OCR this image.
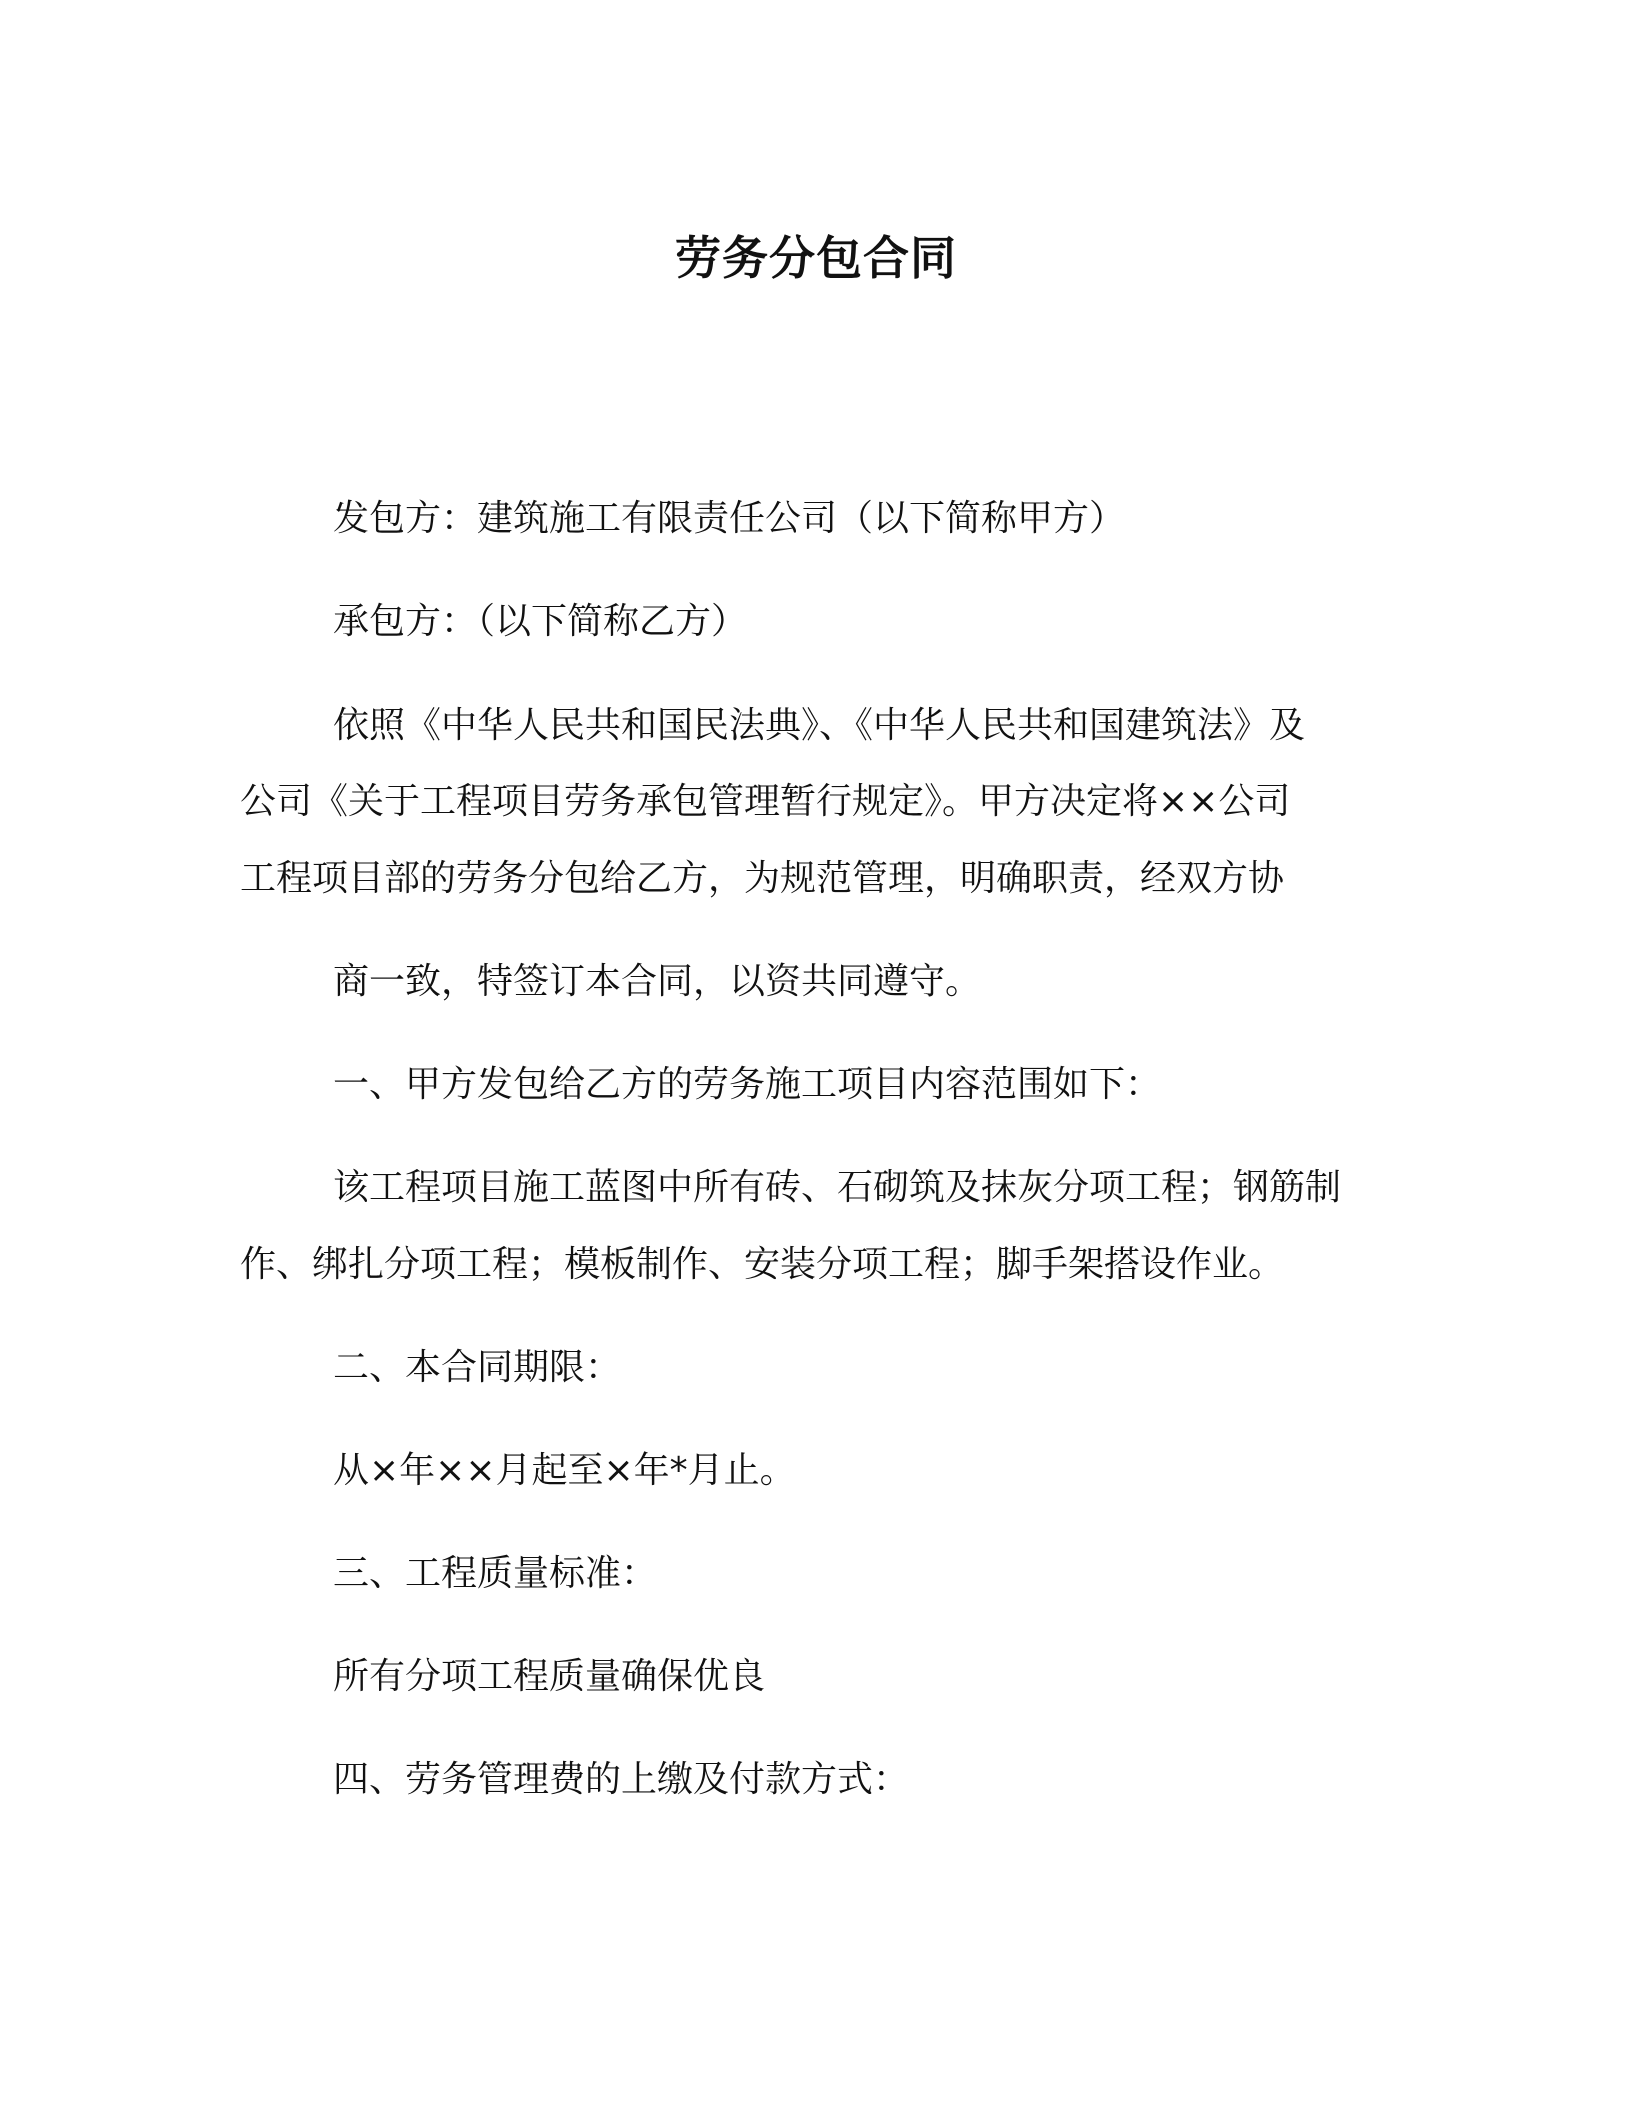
劳务分包合同
发包方：建筑施工有限责任公司（以下简称甲方）
承包方：（以下简称乙方）
依照《中华人民共和国民法典》、《中华人民共和国建筑法》及
公司《关于工程项目劳务承包管理暂行规定》。甲方决定将××公司
工程项目部的劳务分包给乙方，为规范管理，明确职责，经双方协
商一致，特签订本合同，以资共同遵守。
一、甲方发包给乙方的劳务施工项目内容范围如下：
该工程项目施工蓝图中所有砖、石砌筑及抹灰分项工程；钢筋制
作、绑扎分项工程；模板制作、安装分项工程；脚手架搭设作业。
二、本合同期限：
从×年××月起至×年*月止。
三、工程质量标准：
所有分项工程质量确保优良
四、劳务管理费的上缴及付款方式：
